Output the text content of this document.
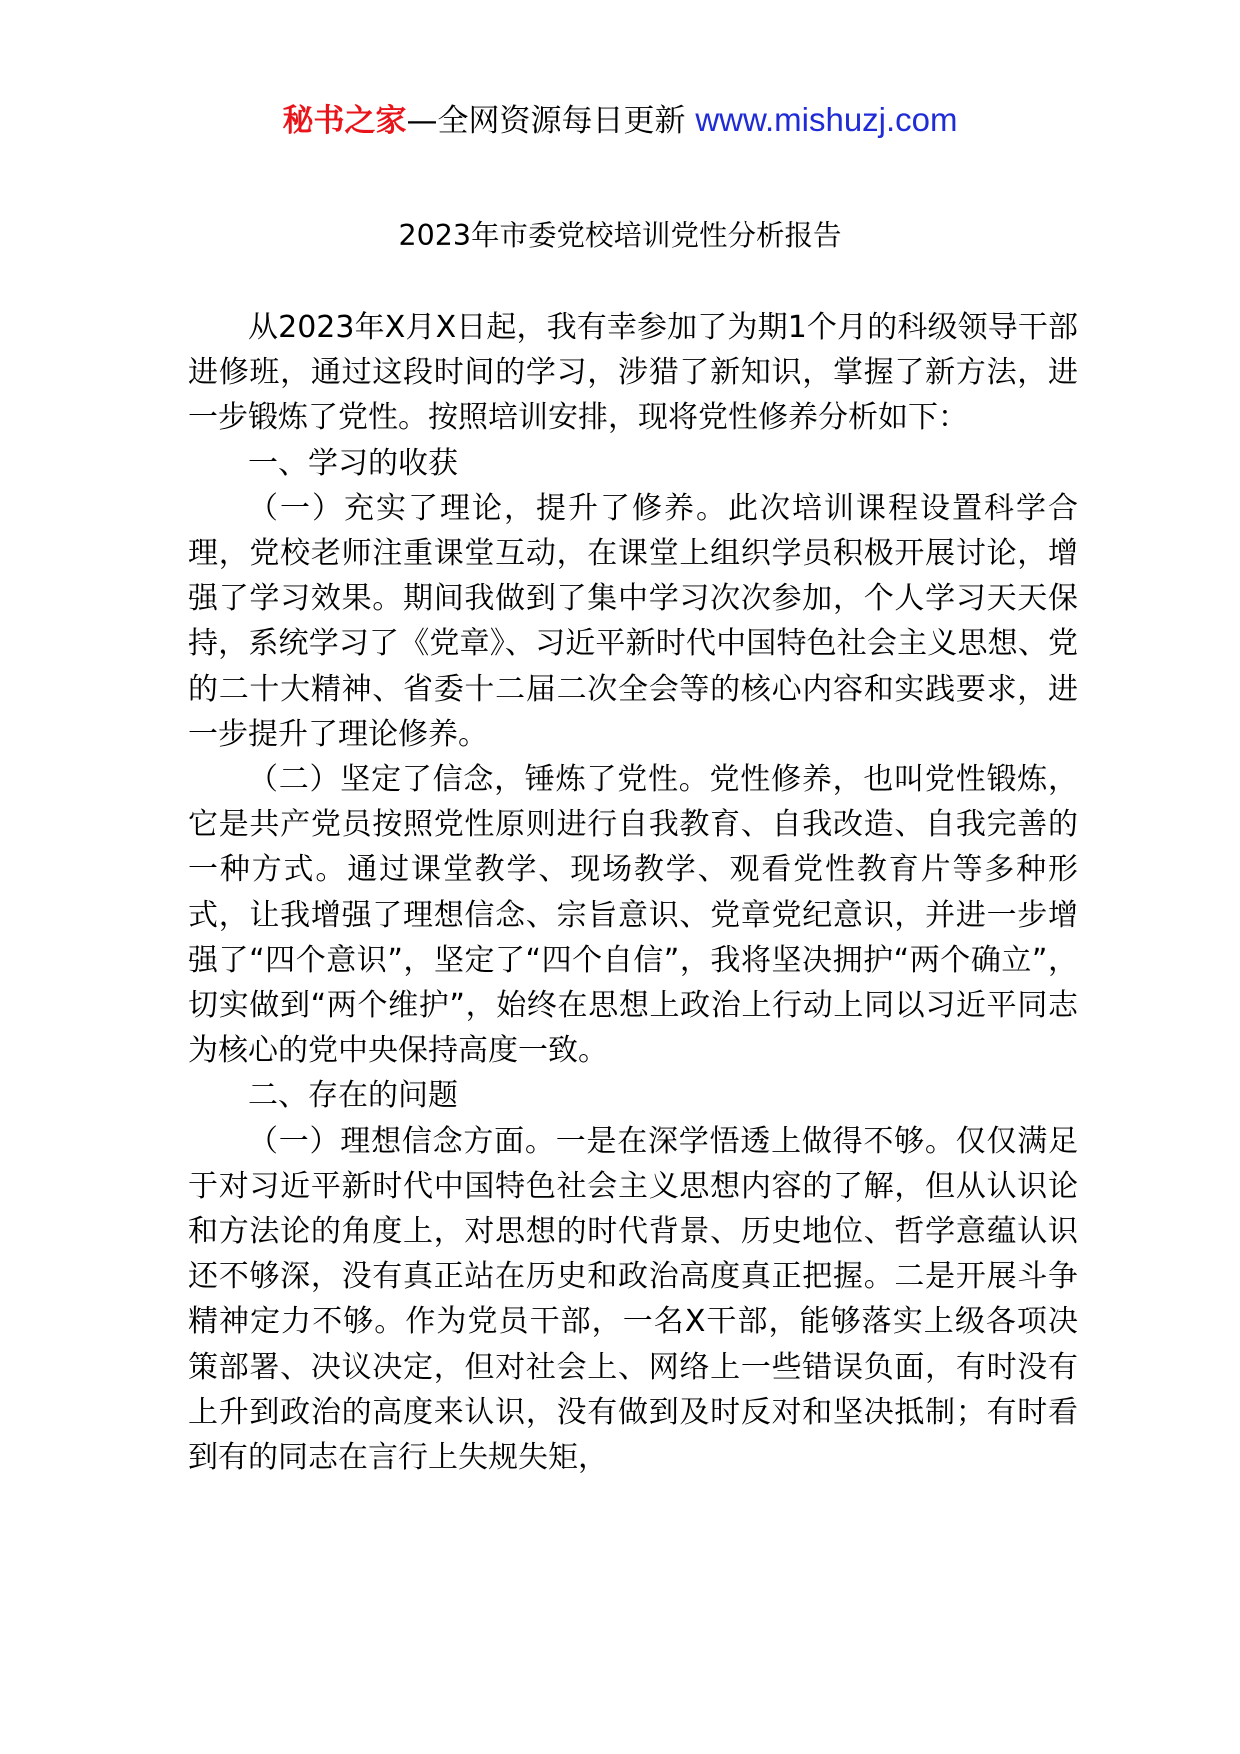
秘书之家—全网资源每日更新 www.mishuzj.com
2023年市委党校培训党性分析报告

从2023年X月X日起，我有幸参加了为期1个月的科级领导干部进修班，通过这段时间的学习，涉猎了新知识，掌握了新方法，进一步锻炼了党性。按照培训安排，现将党性修养分析如下：

一、学习的收获

（一）充实了理论，提升了修养。此次培训课程设置科学合理，党校老师注重课堂互动，在课堂上组织学员积极开展讨论，增强了学习效果。期间我做到了集中学习次次参加，个人学习天天保持，系统学习了《党章》、习近平新时代中国特色社会主义思想、党的二十大精神、省委十二届二次全会等的核心内容和实践要求，进一步提升了理论修养。

（二）坚定了信念，锤炼了党性。党性修养，也叫党性锻炼，它是共产党员按照党性原则进行自我教育、自我改造、自我完善的一种方式。通过课堂教学、现场教学、观看党性教育片等多种形式，让我增强了理想信念、宗旨意识、党章党纪意识，并进一步增强了“四个意识”，坚定了“四个自信”，我将坚决拥护“两个确立”，切实做到“两个维护”，始终在思想上政治上行动上同以习近平同志为核心的党中央保持高度一致。

二、存在的问题

（一）理想信念方面。一是在深学悟透上做得不够。仅仅满足于对习近平新时代中国特色社会主义思想内容的了解，但从认识论和方法论的角度上，对思想的时代背景、历史地位、哲学意蕴认识还不够深，没有真正站在历史和政治高度真正把握。二是开展斗争精神定力不够。作为党员干部，一名X干部，能够落实上级各项决策部署、决议决定，但对社会上、网络上一些错误负面，有时没有上升到政治的高度来认识，没有做到及时反对和坚决抵制；有时看到有的同志在言行上失规失矩，
